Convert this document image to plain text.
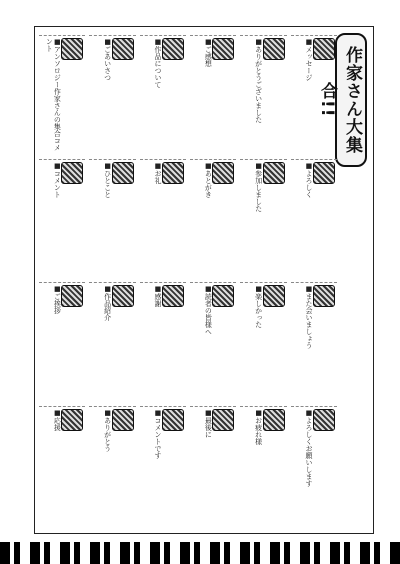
作家さん大集合!!
■アンソロジー作家さんの集合コメント	■ごあいさつ	■作品について	■ご感想	■ありがとうございました	■メッセージ
■コメント	■ひとこと	■お礼	■あとがき	■参加しました	■よろしく
■ご挨拶	■作品紹介	■感謝	■読者の皆様へ	■楽しかった	■また会いましょう
■応援	■ありがとう	■コメントです	■最後に	■お疲れ様	■よろしくお願いします
